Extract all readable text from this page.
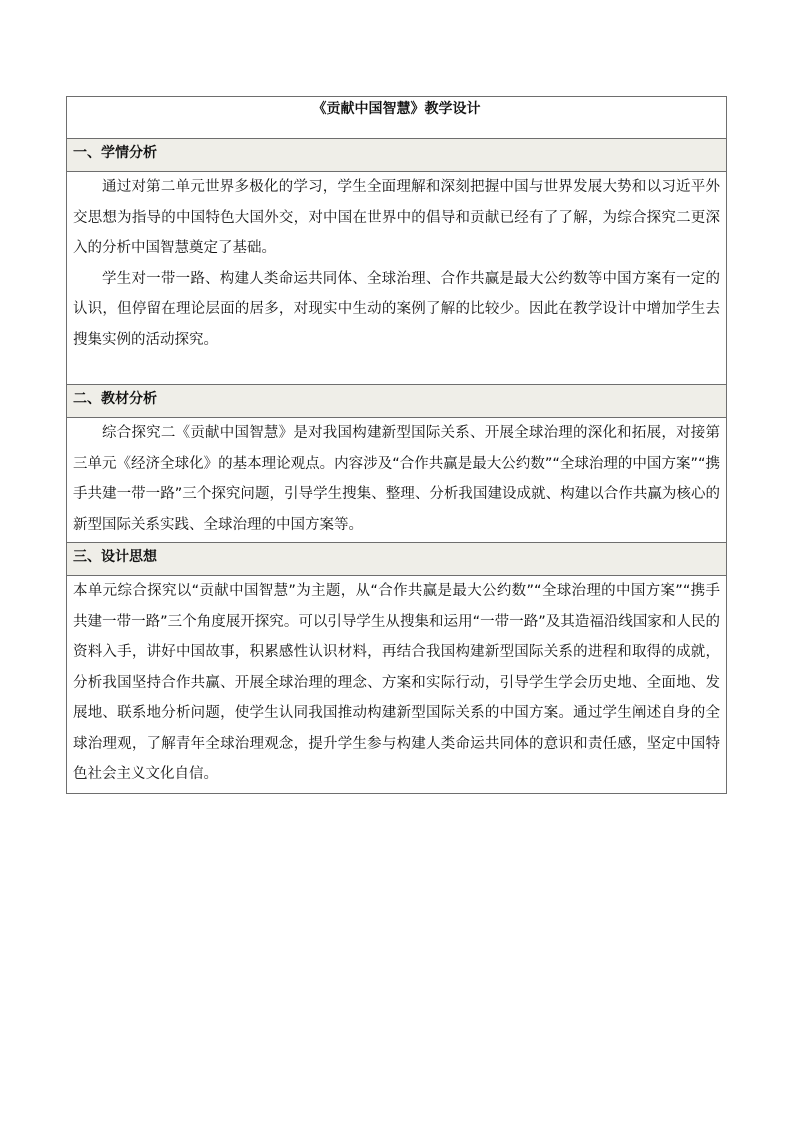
《贡献中国智慧》教学设计
一、学情分析

通过对第二单元世界多极化的学习，学生全面理解和深刻把握中国与世界发展大势和以习近平外交思想为指导的中国特色大国外交，对中国在世界中的倡导和贡献已经有了了解，为综合探究二更深入的分析中国智慧奠定了基础。

学生对一带一路、构建人类命运共同体、全球治理、合作共赢是最大公约数等中国方案有一定的认识，但停留在理论层面的居多，对现实中生动的案例了解的比较少。因此在教学设计中增加学生去搜集实例的活动探究。

二、教材分析

综合探究二《贡献中国智慧》是对我国构建新型国际关系、开展全球治理的深化和拓展，对接第三单元《经济全球化》的基本理论观点。内容涉及“合作共赢是最大公约数”“全球治理的中国方案”“携手共建一带一路”三个探究问题，引导学生搜集、整理、分析我国建设成就、构建以合作共赢为核心的新型国际关系实践、全球治理的中国方案等。

三、设计思想

本单元综合探究以“贡献中国智慧”为主题，从“合作共赢是最大公约数”“全球治理的中国方案”“携手共建一带一路”三个角度展开探究。可以引导学生从搜集和运用“一带一路”及其造福沿线国家和人民的资料入手，讲好中国故事，积累感性认识材料，再结合我国构建新型国际关系的进程和取得的成就，分析我国坚持合作共赢、开展全球治理的理念、方案和实际行动，引导学生学会历史地、全面地、发展地、联系地分析问题，使学生认同我国推动构建新型国际关系的中国方案。通过学生阐述自身的全球治理观，了解青年全球治理观念，提升学生参与构建人类命运共同体的意识和责任感，坚定中国特色社会主义文化自信。
